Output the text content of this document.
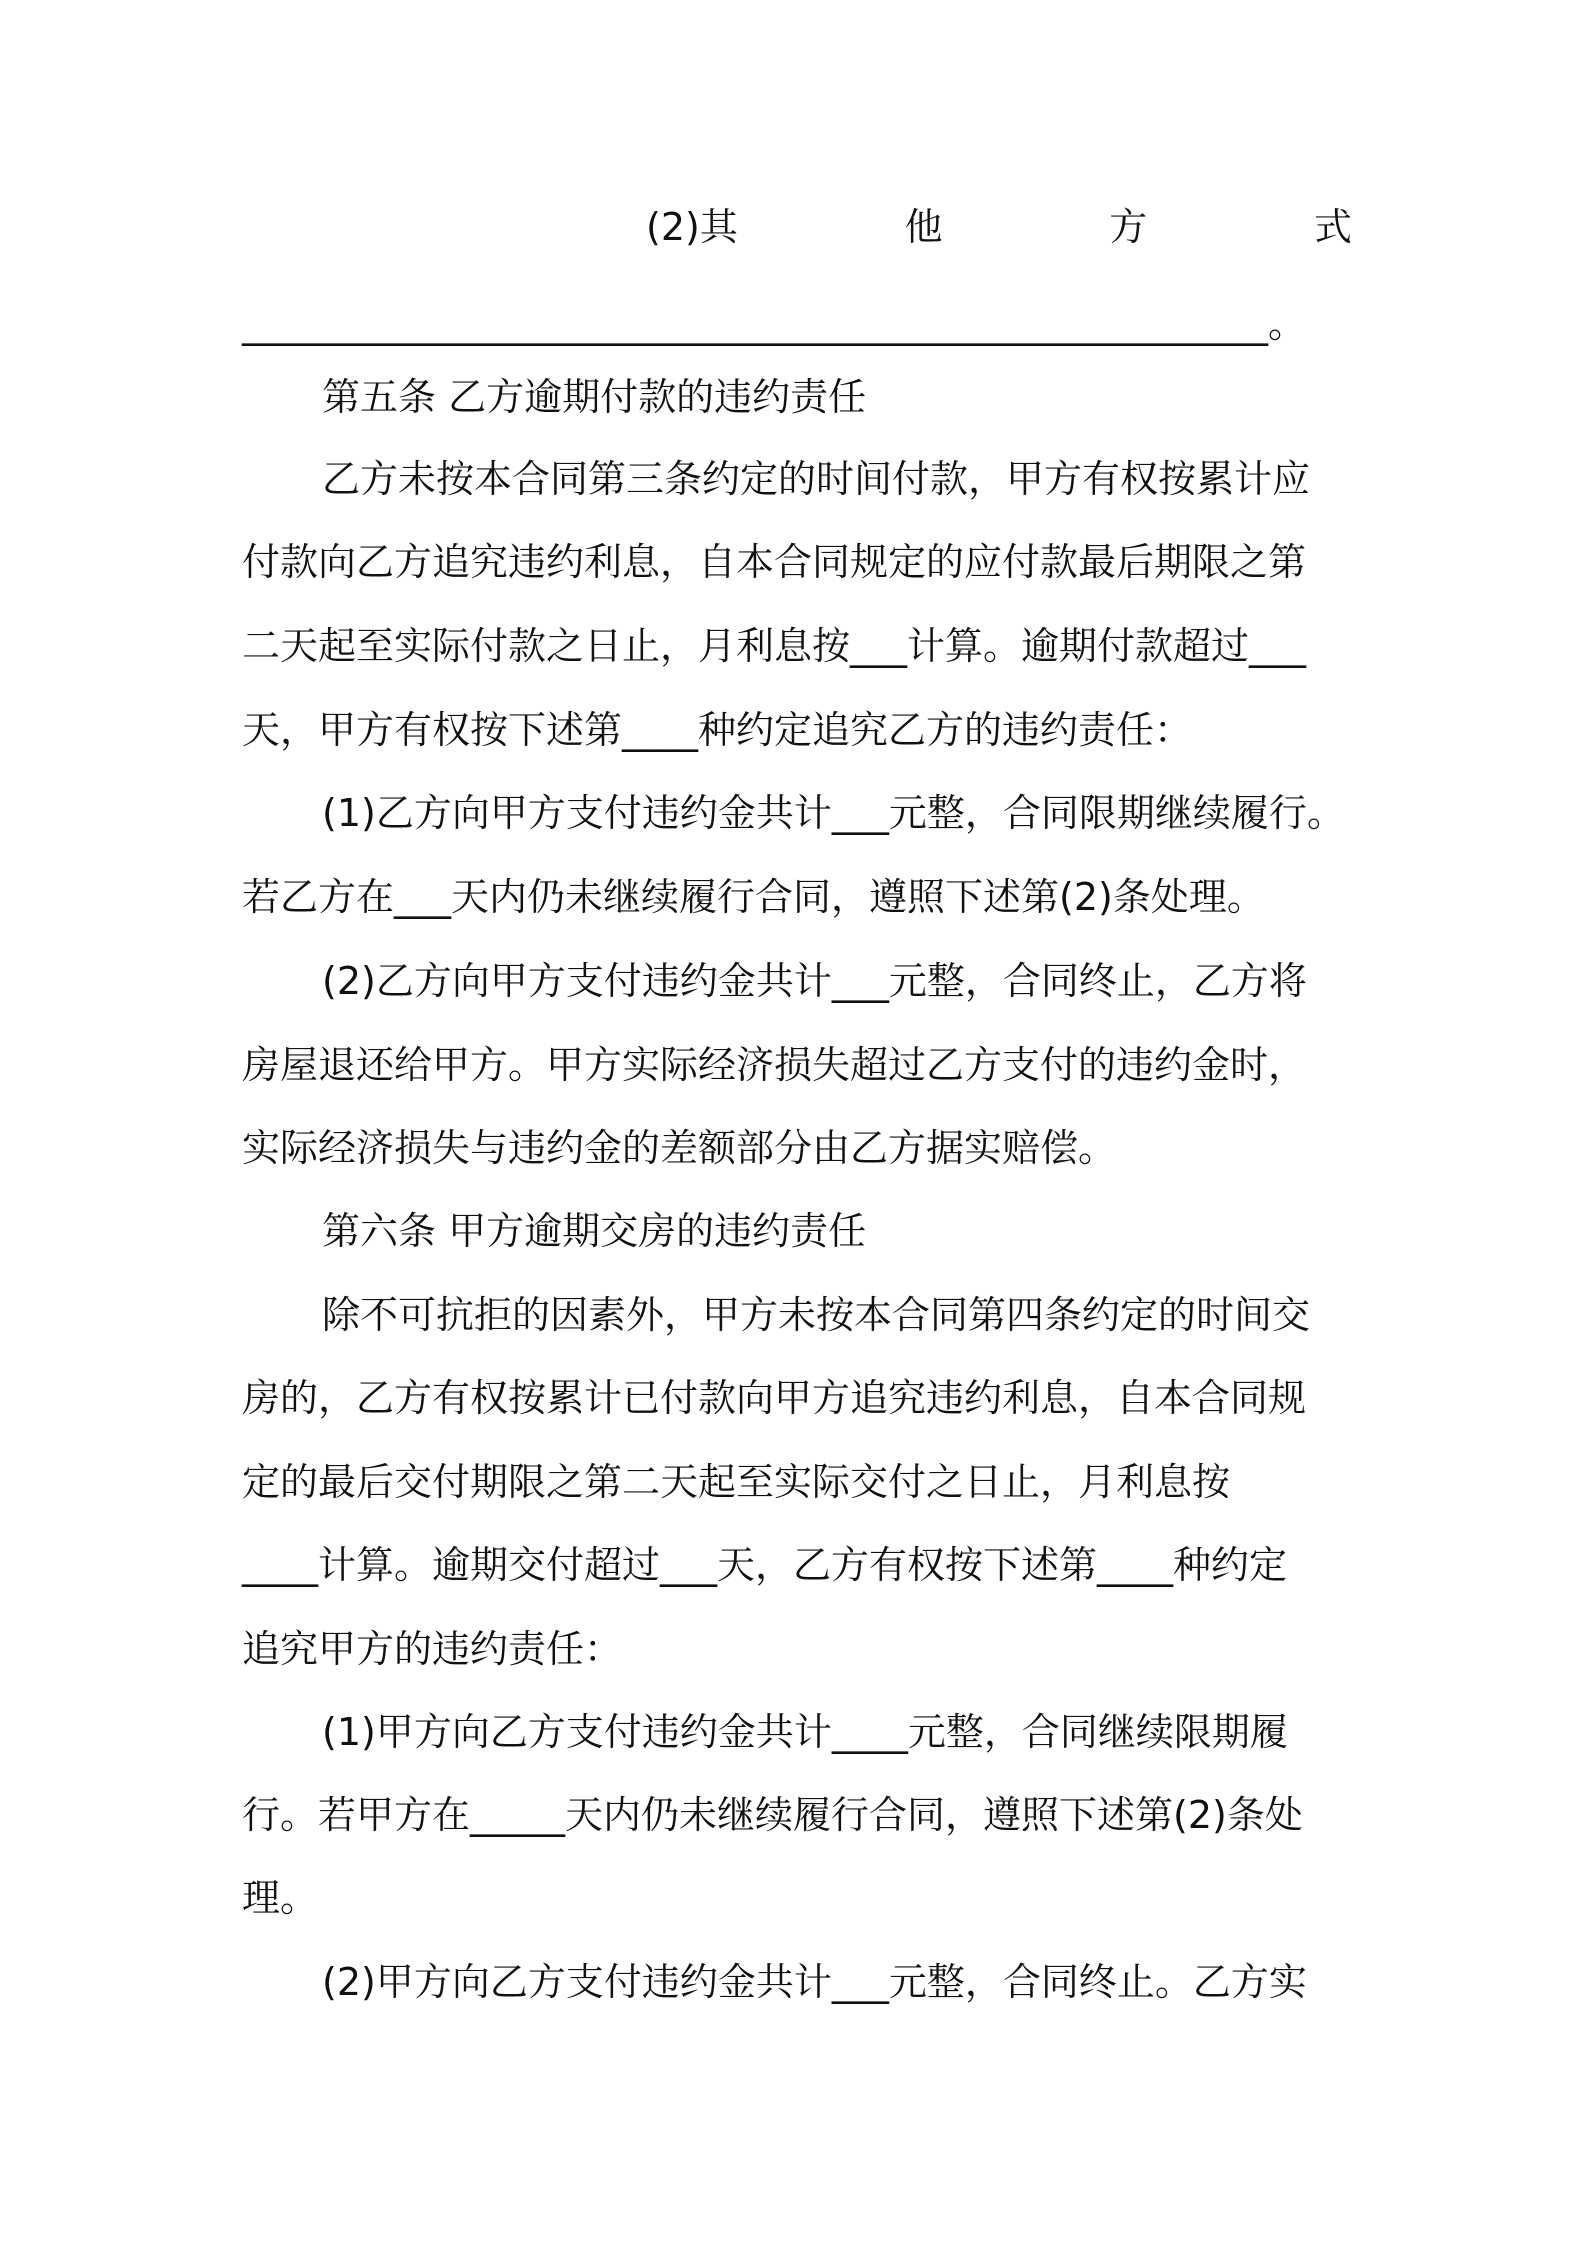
(2)其	他	方	式

______________________________________________________。

第五条 乙方逾期付款的违约责任

乙方未按本合同第三条约定的时间付款，甲方有权按累计应

付款向乙方追究违约利息，自本合同规定的应付款最后期限之第

二天起至实际付款之日止，月利息按___计算。逾期付款超过___

天，甲方有权按下述第____种约定追究乙方的违约责任：

(1)乙方向甲方支付违约金共计___元整，合同限期继续履行。

若乙方在___天内仍未继续履行合同，遵照下述第(2)条处理。

(2)乙方向甲方支付违约金共计___元整，合同终止，乙方将

房屋退还给甲方。甲方实际经济损失超过乙方支付的违约金时，

实际经济损失与违约金的差额部分由乙方据实赔偿。

第六条 甲方逾期交房的违约责任

除不可抗拒的因素外，甲方未按本合同第四条约定的时间交

房的，乙方有权按累计已付款向甲方追究违约利息，自本合同规

定的最后交付期限之第二天起至实际交付之日止，月利息按

____计算。逾期交付超过___天，乙方有权按下述第____种约定

追究甲方的违约责任：

(1)甲方向乙方支付违约金共计____元整，合同继续限期履

行。若甲方在_____天内仍未继续履行合同，遵照下述第(2)条处

理。

(2)甲方向乙方支付违约金共计___元整，合同终止。乙方实
